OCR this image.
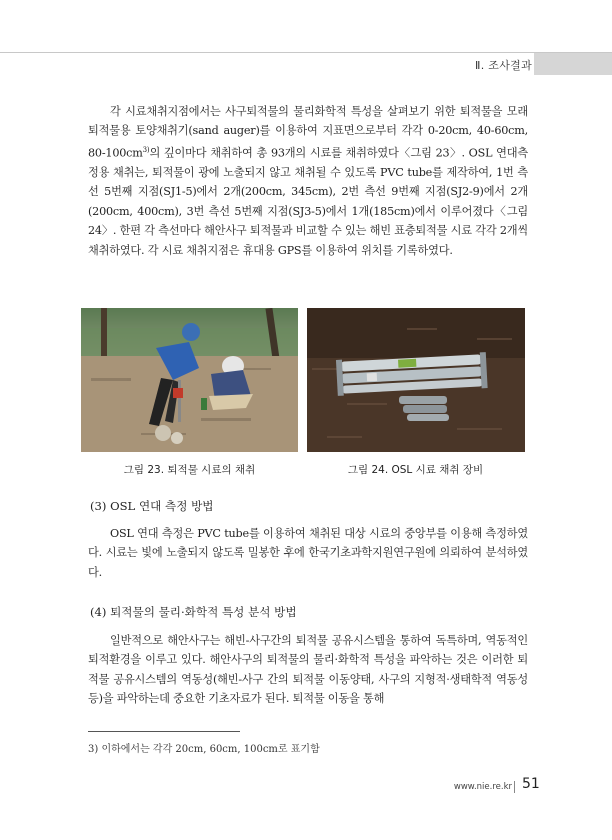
Ⅱ. 조사결과

각 시료채취지점에서는 사구퇴적물의 물리화학적 특성을 살펴보기 위한 퇴적물을 모래퇴적물용 토양채취기(sand auger)를 이용하여 지표면으로부터 각각 0-20cm, 40-60cm, $80-100cm^{3)}$의 깊이마다 채취하여 총 93개의 시료를 채취하였다〈그림 23〉. OSL 연대측정용 채취는, 퇴적물이 광에 노출되지 않고 채취될 수 있도록 PVC tube를 제작하여, 1번 측선 5번째 지점(SJ1-5)에서 2개(200cm, 345cm), 2번 측선 9번째 지점(SJ2-9)에서 2개(200cm, 400cm), 3번 측선 5번째 지점(SJ3-5)에서 1개(185cm)에서 이루어졌다〈그림 24〉. 한편 각 측선마다 해안사구 퇴적물과 비교할 수 있는 해빈 표층퇴적물 시료 각각 2개씩 채취하였다. 각 시료 채취지점은 휴대용 GPS를 이용하여 위치를 기록하였다.

그림 23. 퇴적물 시료의 채취	그림 24. OSL 시료 채취 장비

(3) OSL 연대 측정 방법

OSL 연대 측정은 PVC tube를 이용하여 채취된 대상 시료의 중앙부를 이용해 측정하였다. 시료는 빛에 노출되지 않도록 밀봉한 후에 한국기초과학지원연구원에 의뢰하여 분석하였다.

(4) 퇴적물의 물리·화학적 특성 분석 방법

일반적으로 해안사구는 해빈-사구간의 퇴적물 공유시스템을 통하여 독특하며, 역동적인 퇴적환경을 이루고 있다. 해안사구의 퇴적물의 물리·화학적 특성을 파악하는 것은 이러한 퇴적물 공유시스템의 역동성(해빈-사구 간의 퇴적물 이동양태, 사구의 지형적·생태학적 역동성 등)을 파악하는데 중요한 기초자료가 된다. 퇴적물 이동을 통해

3) 이하에서는 각각 20cm, 60cm, 100cm로 표기함
www.nie.re.kr 51
